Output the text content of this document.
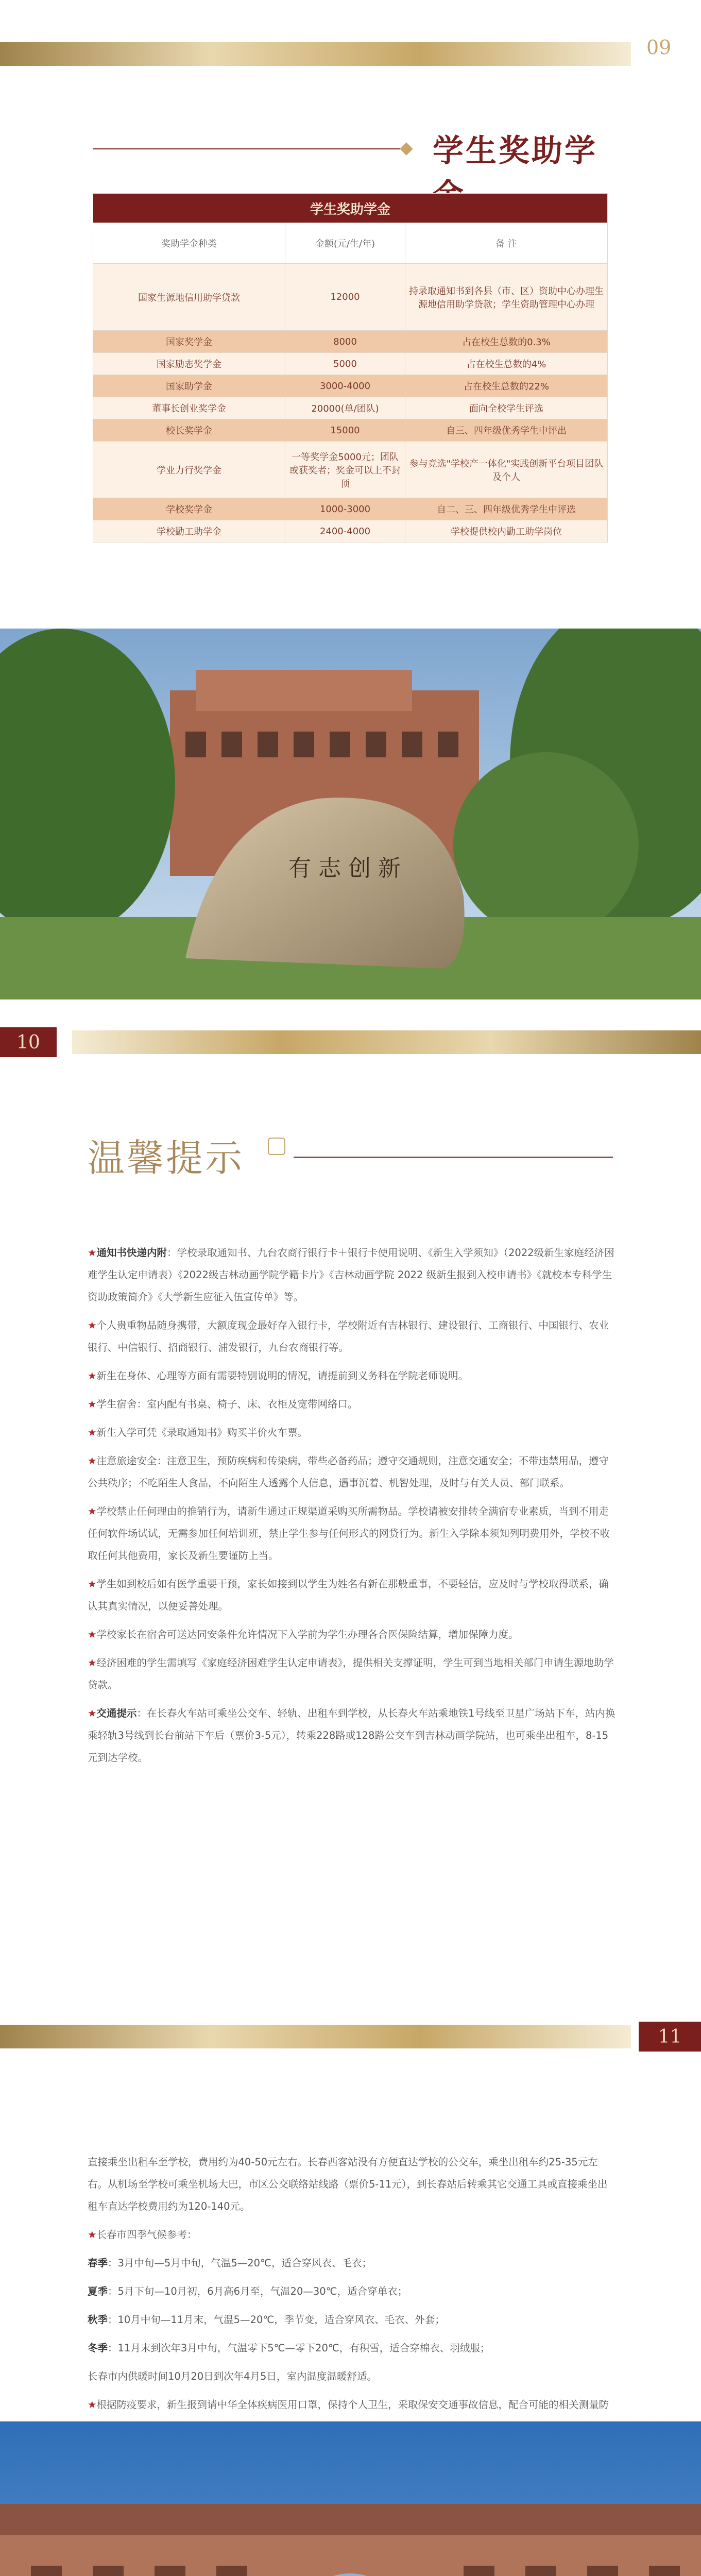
09
学生奖助学
学生奖助学金		
奖助学金种类	金额(元/生/年)	备 注
国家生源地信用助学贷款	12000	持录取通知书到各县（市、区）资助中心办理生源地信用助学贷款；学生资助管理中心办理
国家奖学金	8000	占在校生总数的0.3%
国家励志奖学金	5000	占在校生总数的4%
国家助学金	3000-4000	占在校生总数的22%
董事长创业奖学金	20000(单/团队)	面向全校学生评选
校长奖学金	15000	自三、四年级优秀学生中评出
学业力行奖学金	一等奖学金5000元；团队或获奖者；奖金可以上不封顶	参与竞选"学校产一体化"实践创新平台项目团队及个人
学校奖学金	1000-3000	自二、三、四年级优秀学生中评选
学校勤工助学金	2400-4000	学校提供校内勤工助学岗位
有 志 创 新
10
温馨提示

★通知书快递内附：学校录取通知书、九台农商行银行卡＋银行卡使用说明、《新生入学须知》（2022级新生家庭经济困难学生认定申请表）《2022级吉林动画学院学籍卡片》《吉林动画学院 2022 级新生报到入校申请书》《就校本专科学生资助政策简介》《大学新生应征入伍宣传单》等。

★个人贵重物品随身携带，大额度现金最好存入银行卡，学校附近有吉林银行、建设银行、工商银行、中国银行、农业银行、中信银行、招商银行、浦发银行，九台农商银行等。

★新生在身体、心理等方面有需要特别说明的情况，请提前到义务科在学院老师说明。

★学生宿舍：室内配有书桌、椅子、床、衣柜及宽带网络口。

★新生入学可凭《录取通知书》购买半价火车票。

★注意旅途安全：注意卫生，预防疾病和传染病，带些必备药品；遵守交通规则，注意交通安全；不带违禁用品，遵守公共秩序；不吃陌生人食品，不向陌生人透露个人信息，遇事沉着、机智处理，及时与有关人员、部门联系。

★学校禁止任何理由的推销行为，请新生通过正规渠道采购买所需物品。学校请被安排转全满宿专业素质，当到不用走任何软件场试试，无需参加任何培训班，禁止学生参与任何形式的网贷行为。新生入学除本须知列明费用外，学校不收取任何其他费用，家长及新生要谨防上当。

★学生如到校后如有医学重要干预，家长如接到以学生为姓名有新在那般重事，不要轻信，应及时与学校取得联系，确认其真实情况，以便妥善处理。

★学校家长在宿舍可送达同安条件允许情况下入学前为学生办理各合医保险结算，增加保障力度。

★经济困难的学生需填写《家庭经济困难学生认定申请表》，提供相关支撑证明，学生可到当地相关部门申请生源地助学贷款。

★交通提示：在长春火车站可乘坐公交车、轻轨、出租车到学校，从长春火车站乘地铁1号线至卫星广场站下车，站内换乘轻轨3号线到长台前站下车后（票价3-5元），转乘228路或128路公交车到吉林动画学院站，也可乘坐出租车，8-15元到达学校。

11

直接乘坐出租车至学校，费用约为40-50元左右。长春西客站没有方便直达学校的公交车，乘坐出租车约25-35元左右。从机场至学校可乘坐机场大巴，市区公交联络站线路（票价5-11元），到长春站后转乘其它交通工具或直接乘坐出租车直达学校费用约为120-140元。

★长春市四季气候参考：

春季：3月中旬—5月中旬，气温5—20℃，适合穿风衣、毛衣；

夏季：5月下旬—10月初，6月高6月至，气温20—30℃，适合穿单衣；

秋季：10月中旬—11月末，气温5—20℃，季节变，适合穿风衣、毛衣、外套；

冬季：11月末到次年3月中旬，气温零下5℃—零下20℃，有积雪，适合穿棉衣、羽绒服；

长春市内供暖时间10月20日到次年4月5日，室内温度温暖舒适。

★根据防疫要求，新生报到请中华全体疾病医用口罩，保持个人卫生，采取保安交通事故信息，配合可能的相关测量防
